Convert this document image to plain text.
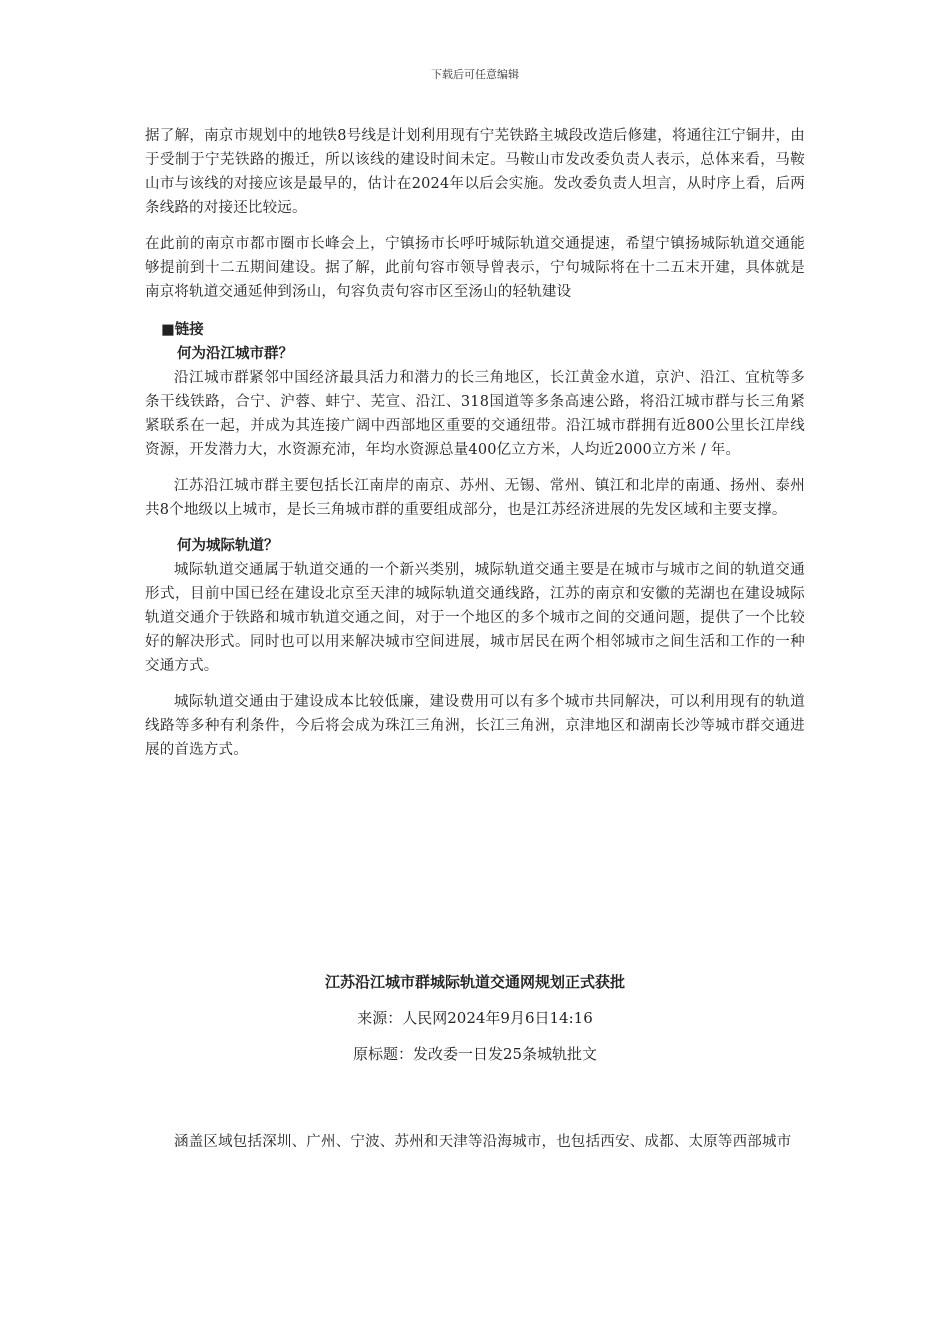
下载后可任意编辑

据了解，南京市规划中的地铁8号线是计划利用现有宁芜铁路主城段改造后修建，将通往江宁铜井，由于受制于宁芜铁路的搬迁，所以该线的建设时间未定。马鞍山市发改委负责人表示，总体来看，马鞍山市与该线的对接应该是最早的，估计在2024年以后会实施。发改委负责人坦言，从时序上看，后两条线路的对接还比较远。

在此前的南京市都市圈市长峰会上，宁镇扬市长呼吁城际轨道交通提速，希望宁镇扬城际轨道交通能够提前到十二五期间建设。据了解，此前句容市领导曾表示，宁句城际将在十二五末开建，具体就是南京将轨道交通延伸到汤山，句容负责句容市区至汤山的轻轨建设

■链接

何为沿江城市群？

沿江城市群紧邻中国经济最具活力和潜力的长三角地区，长江黄金水道，京沪、沿江、宜杭等多条干线铁路，合宁、沪蓉、蚌宁、芜宣、沿江、318国道等多条高速公路，将沿江城市群与长三角紧紧联系在一起，并成为其连接广阔中西部地区重要的交通纽带。沿江城市群拥有近800公里长江岸线资源，开发潜力大，水资源充沛，年均水资源总量400亿立方米，人均近2000立方米 / 年。

江苏沿江城市群主要包括长江南岸的南京、苏州、无锡、常州、镇江和北岸的南通、扬州、泰州共8个地级以上城市，是长三角城市群的重要组成部分，也是江苏经济进展的先发区域和主要支撑。

何为城际轨道？

城际轨道交通属于轨道交通的一个新兴类别，城际轨道交通主要是在城市与城市之间的轨道交通形式，目前中国已经在建设北京至天津的城际轨道交通线路，江苏的南京和安徽的芜湖也在建设城际轨道交通介于铁路和城市轨道交通之间，对于一个地区的多个城市之间的交通问题，提供了一个比较好的解决形式。同时也可以用来解决城市空间进展，城市居民在两个相邻城市之间生活和工作的一种交通方式。

城际轨道交通由于建设成本比较低廉，建设费用可以有多个城市共同解决，可以利用现有的轨道线路等多种有利条件，今后将会成为珠江三角洲，长江三角洲，京津地区和湖南长沙等城市群交通进展的首选方式。

江苏沿江城市群城际轨道交通网规划正式获批

来源：人民网2024年9月6日14:16

原标题：发改委一日发25条城轨批文

涵盖区域包括深圳、广州、宁波、苏州和天津等沿海城市，也包括西安、成都、太原等西部城市
